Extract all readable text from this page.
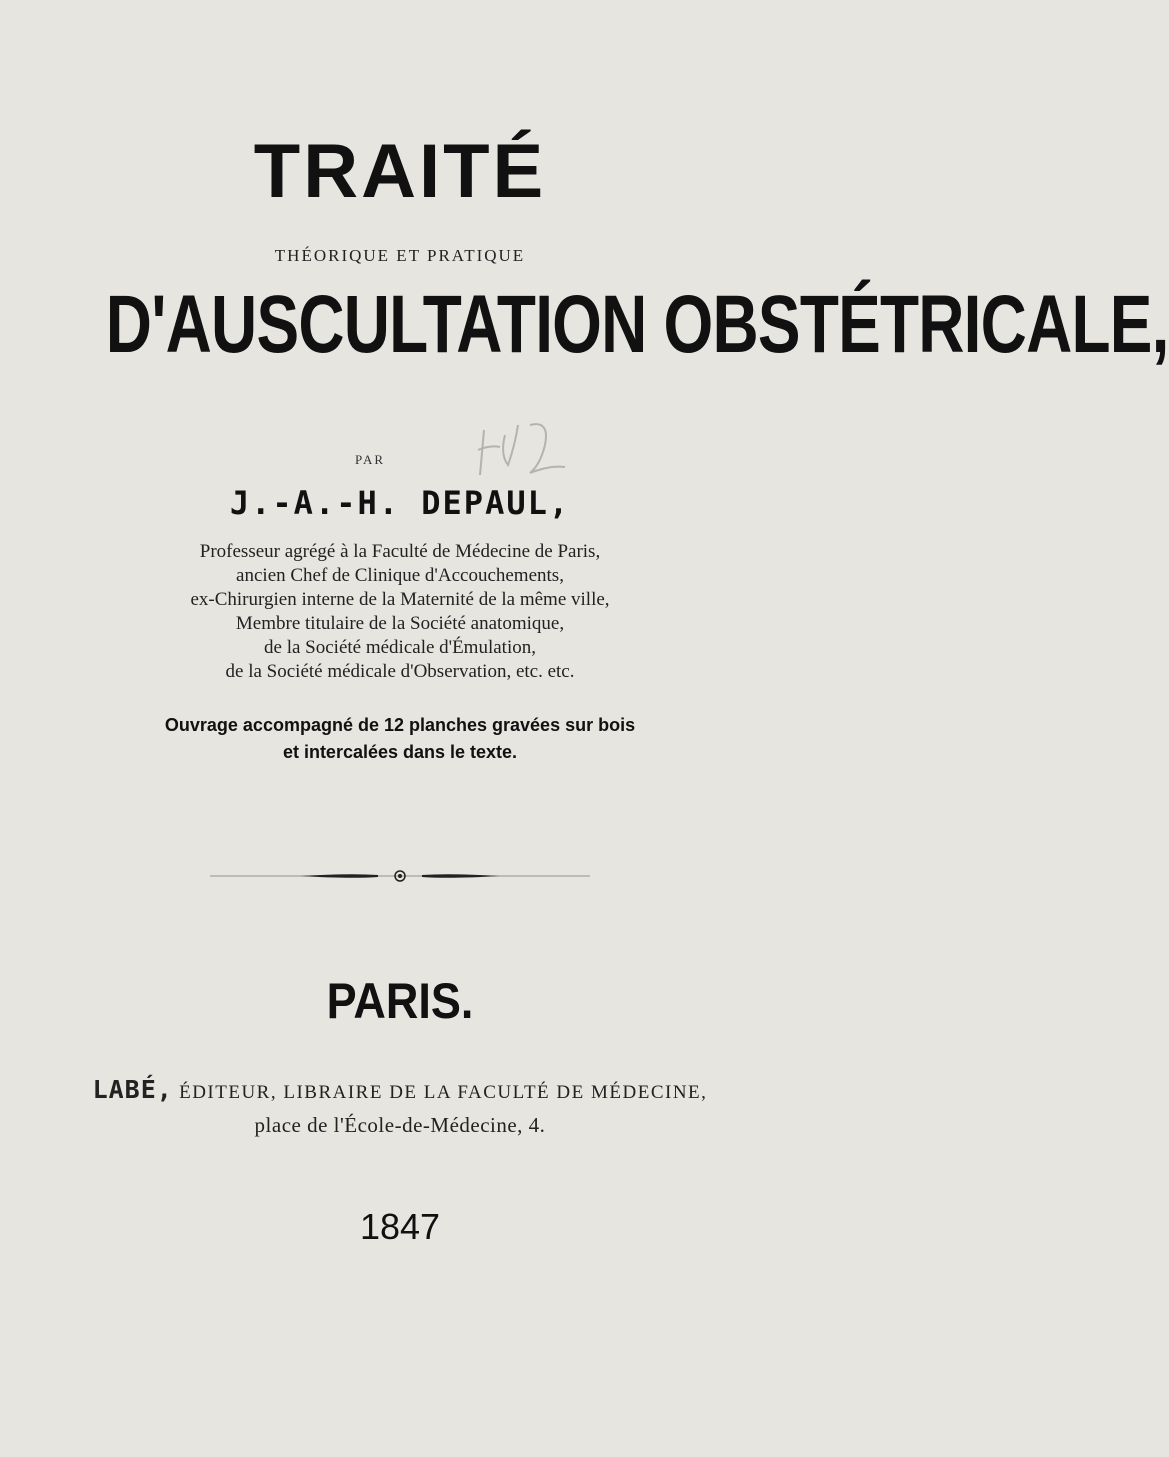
TRAITÉ
THÉORIQUE ET PRATIQUE
D'AUSCULTATION OBSTÉTRICALE,
PAR
J.-A.-H. DEPAUL,
Professeur agrégé à la Faculté de Médecine de Paris,
ancien Chef de Clinique d'Accouchements,
ex-Chirurgien interne de la Maternité de la même ville,
Membre titulaire de la Société anatomique,
de la Société médicale d'Émulation,
de la Société médicale d'Observation, etc. etc.
Ouvrage accompagné de 12 planches gravées sur bois
et intercalées dans le texte.
PARIS.
LABÉ, ÉDITEUR, LIBRAIRE DE LA FACULTÉ DE MÉDECINE,
place de l'École-de-Médecine, 4.
1847
